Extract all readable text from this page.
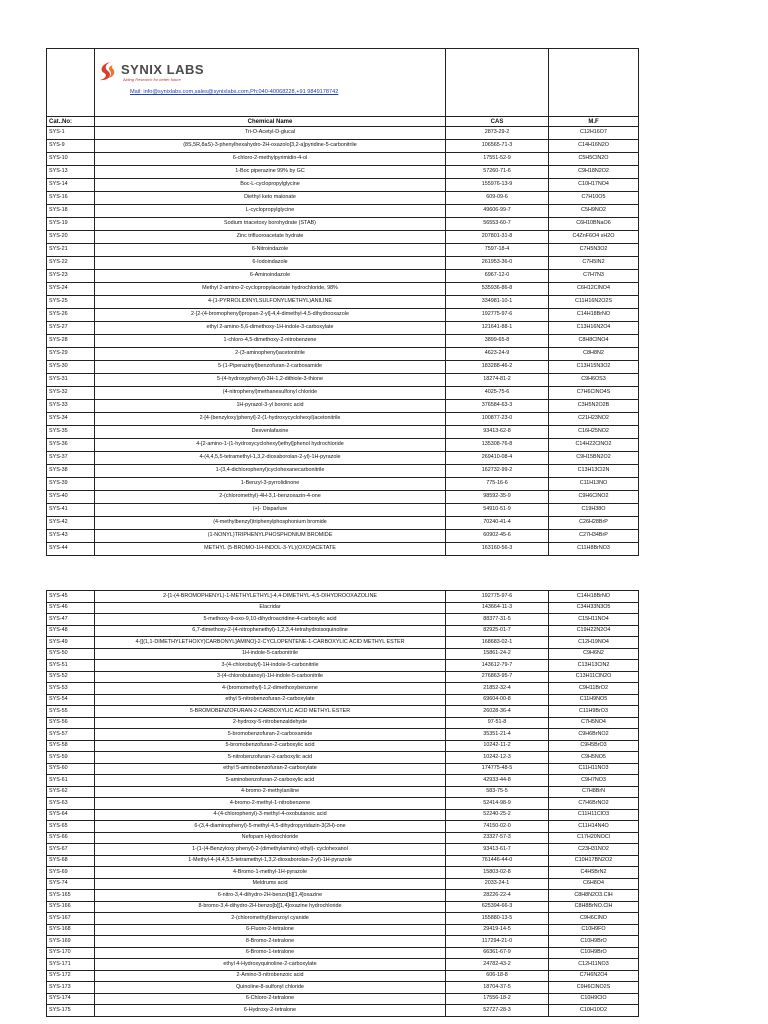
Cat..No:	Chemical Name	CAS	M.F
SYS-1	Tri-O-Acetyl-D-glucal	2873-29-2	C12H16O7
SYS-9	(8S,5R,8aS)-3-phenylhexahydro-2H-oxazolo[3,2-a]pyridine-5-carbonitrile	106565-71-3	C14H16N2O
SYS-10	6-chloro-2-methylpyrimidin-4-ol	17551-52-9	C5H5ClN2O
SYS-13	1-Boc piperazine 99% by GC	57260-71-6	C9H18N2O2
SYS-14	Boc-L-cyclopropylglycine	155976-13-9	C10H17NO4
SYS-16	Diethyl keto malonate	609-09-6	C7H10O5
SYS-18	L-cyclopropylglycine	49606-99-7	C5H9NO2
SYS-19	Sodium triacetoxy borohydrate (STAB)	56553-60-7	C6H10BNaO6
SYS-20	Zinc trifluoroacetate hydrate	207801-31-8	C4ZnF6O4 xH2O
SYS-21	6-Nitroindazole	7597-18-4	C7H5N3O2
SYS-22	6-Iodoindazole	261953-36-0	C7H5IN2
SYS-23	6-Aminoindazole	6967-12-0	C7H7N3
SYS-24	Methyl 2-amino-2-cyclopropylacetate hydrochloride, 98%	535936-86-8	C6H12ClNO4
SYS-25	4-(1-PYRROLIDINYLSULFONYLMETHYL)ANILINE	334981-10-1	C11H16N2O2S
SYS-26	2-[2-(4-bromophenyl)propan-2-yl]-4,4-dimethyl-4,5-dihydrooxazole	192775-97-6	C14H18BrNO
SYS-27	ethyl 2-amino-5,6-dimethoxy-1H-indole-3-carboxylate	121641-88-1	C13H16N2O4
SYS-28	1-chloro-4,5-dimethoxy-2-nitrobenzene	3899-65-8	C8H8ClNO4
SYS-29	2-(3-aminophenyl)acetonitrile	4623-24-9	C8H8N2
SYS-30	5-(1-Piperazinyl)benzofuran-2-carboxamide	183288-46-2	C13H15N3O2
SYS-31	5-(4-hydroxyphenyl)-3H-1,2-dithiole-3-thione	18274-81-2	C9H6OS3
SYS-32	(4-nitrophenyl)methanesulfonyl chloride	4025-75-6	C7H6ClNO4S
SYS-33	1H-pyrazol-3-yl boronic acid	376584-63-3	C3H5N2O2B
SYS-34	2-[4-(benzyloxy)phenyl]-2-(1-hydroxycyclohexyl)acetonitrile	100877-23-0	C21H23NO2
SYS-35	Desvenlafaxine	93413-62-8	C16H25NO2
SYS-36	4-[2-amino-1-(1-hydroxycyclohexyl)ethyl]phenol hydrochloride	135308-76-8	C14H22ClNO2
SYS-37	4-(4,4,5,5-tetramethyl-1,3,2-dioxaborolan-2-yl)-1H-pyrazole	269410-08-4	C9H15BN2O2
SYS-38	1-(3,4-dichlorophenyl)cyclohexanecarbonitrile	162732-99-2	C13H13Cl2N
SYS-39	1-Benzyl-3-pyrrolidinone	775-16-6	C11H13NO
SYS-40	2-(chloromethyl)-4H-3,1-benzoxazin-4-one	98592-35-9	C9H6ClNO2
SYS-41	(+)- Disparlure	54910-51-9	C19H38O
SYS-42	(4-methylbenzyl)triphenylphosphonium bromide	70240-41-4	C26H28BrP
SYS-43	(1-NONYL)TRIPHENYLPHOSPHONIUM BROMIDE	60902-45-6	C27H34BrP
SYS-44	METHYL (5-BROMO-1H-INDOL-3-YL)(OXO)ACETATE	163160-56-3	C11H8BrNO3
SYNIX LABS
Aiding Research for better future
Mail: info@synixlabs.com,sales@synixlabs.com,Ph:040-40068228,+91 9849178742
SYS-45	2-[1-(4-BROMOPHENYL)-1-METHYLETHYL]-4,4-DIMETHYL-4,5-DIHYDROOXAZOLINE	192775-97-6	C14H18BrNO
SYS-46	Elacridar	143664-11-3	C34H33N3O5
SYS-47	5-methoxy-9-oxo-9,10-dihydroacridine-4-carboxylic acid	88377-31-5	C15H11NO4
SYS-48	6,7-dimethoxy-2-(4-nitrophenethyl)-1,2,3,4-tetrahydroisoquinoline	82925-01-7	C19H22N2O4
SYS-49	4-[[(1,1-DIMETHYLETHOXY)CARBONYL]AMINO]-2-CYCLOPENTENE-1-CARBOXYLIC ACID METHYL ESTER	168683-02-1	C12H19NO4
SYS-50	1H-indole-5-carbonitrile	15861-24-2	C9H6N2
SYS-51	3-(4-chlorobutyl)-1H-indole-5-carbonitrile	143612-79-7	C13H13ClN2
SYS-52	3-(4-chlorobutanoyl)-1H-indole-5-carbonitrile	276863-95-7	C13H11ClN2O
SYS-53	4-(bromomethyl)-1,2-dimethoxybenzene	21852-32-4	C9H11BrO2
SYS-54	ethyl 5-nitrobenzofuran-2-carboxylate	69604-00-8	C11H9NO5
SYS-55	5-BROMOBENZOFURAN-2-CARBOXYLIC ACID METHYL ESTER	26028-36-4	C11H9BrO3
SYS-56	2-hydroxy-5-nitrobenzaldehyde	97-51-8	C7H5NO4
SYS-57	5-bromobenzofuran-2-carboxamide	35351-21-4	C9H6BrNO2
SYS-58	5-bromobenzofuran-2-carboxylic acid	10242-11-2	C9H5BrO3
SYS-59	5-nitrobenzofuran-2-carboxylic acid	10242-12-3	C9H5NO5
SYS-60	ethyl 5-aminobenzofuran-2-carboxylate	174775-48-5	C11H11NO3
SYS-61	5-aminobenzofuran-2-carboxylic acid	42933-44-8	C9H7NO3
SYS-62	4-bromo-2-methylaniline	583-75-5	C7H8BrN
SYS-63	4-bromo-2-methyl-1-nitrobenzene	52414-98-9	C7H6BrNO2
SYS-64	4-(4-chlorophenyl)-3-methyl-4-oxobutanoic acid	52240-25-2	C11H11ClO3
SYS-65	6-(3,4-diaminophenyl)-5-methyl-4,5-dihydropyridazin-3(2H)-one	74150-02-0	C11H14N4O
SYS-66	Nefopam Hydrochloride	23327-57-3	C17H20NOCl
SYS-67	1-(1-(4-Benzyloxy phenyl)-2-(dimethylamino) ethyl)- cyclohexanol	93413-61-7	C23H31NO2
SYS-68	1-Methyl-4-(4,4,5,5-tetramethyl-1,3,2-dioxaborolan-2-yl)-1H-pyrazole	761446-44-0	C10H17BN2O2
SYS-69	4-Bromo-1-methyl-1H-pyrazole	15803-02-8	C4H5BrN2
SYS-74	Meldrums acid	2033-24-1	C6H8O4
SYS-165	6-nitro-3,4-dihydro-2H-benzo[b][1,4]oxazine	28226-22-4	C8H8N2O3.ClH
SYS-166	8-bromo-3,4-dihydro-2H-benzo[b][1,4]oxazine hydrochloride	625394-66-3	C8H8BrNO.ClH
SYS-167	2-(chloromethyl)benzoyl cyanide	155880-13-5	C9H6ClNO
SYS-168	6-Fluoro-2-tetralone	29419-14-5	C10H9FO
SYS-169	8-Bromo-2-tetralone	117294-21-0	C10H9BrO
SYS-170	6-Bromo-1-tetralone	66361-67-9	C10H9BrO
SYS-171	ethyl 4-Hydroxyquinoline-2-carboxylate	24782-43-2	C12H11NO3
SYS-172	2-Amino-3-nitrobenzoic acid	606-18-8	C7H6N2O4
SYS-173	Quinoline-8-sulfonyl chloride	18704-37-5	C9H6ClNO2S
SYS-174	6-Chloro-2-tetralone	17556-18-2	C10H9ClO
SYS-175	6-Hydroxy-2-tetralone	52727-28-3	C10H10O2
